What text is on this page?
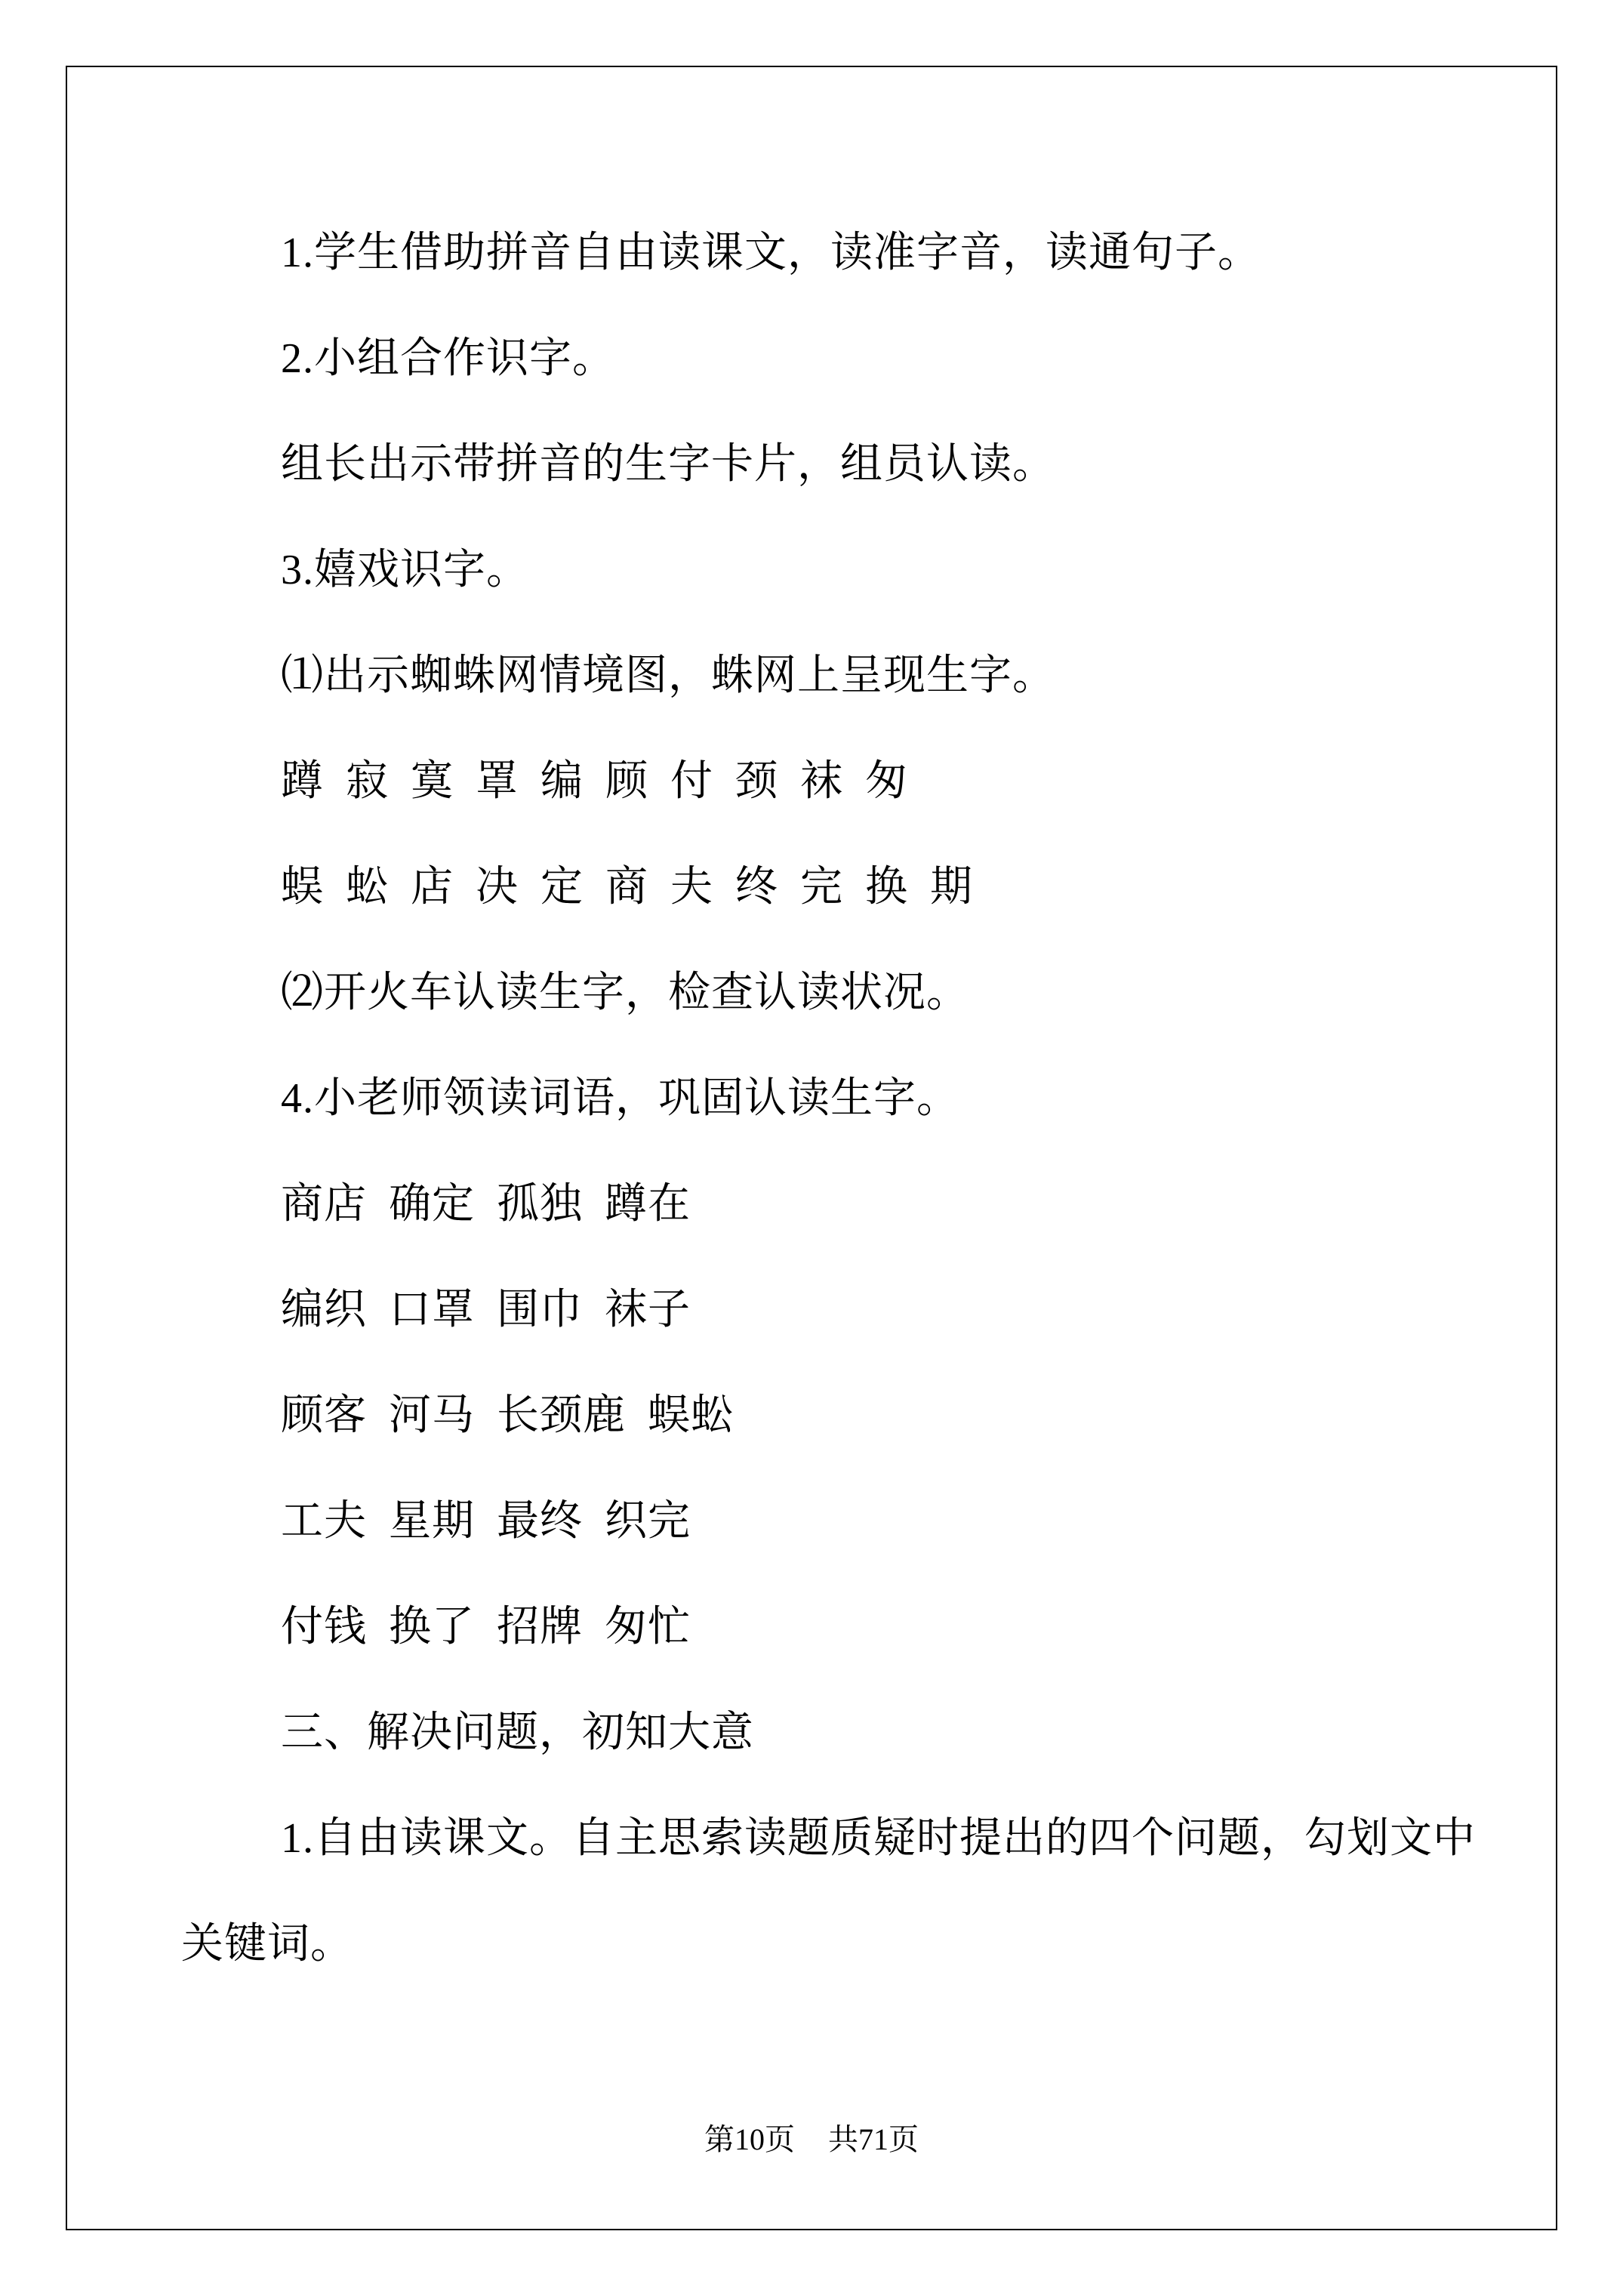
1.学生借助拼音自由读课文，读准字音，读通句子。

2.小组合作识字。

组长出示带拼音的生字卡片，组员认读。

3.嬉戏识字。

⑴出示蜘蛛网情境图，蛛网上呈现生字。

蹲 寂 寞 罩 编 顾 付 颈 袜 匆

蜈 蚣 店 决 定 商 夫 终 完 换 期

⑵开火车认读生字，检查认读状况。

4.小老师领读词语，巩固认读生字。

商店 确定 孤独 蹲在

编织 口罩 围巾 袜子

顾客 河马 长颈鹿 蜈蚣

工夫 星期 最终 织完

付钱 换了 招牌 匆忙

三、解决问题，初知大意

1.自由读课文。自主思索读题质疑时提出的四个问题，勾划文中

关键词。

第10页 共71页
